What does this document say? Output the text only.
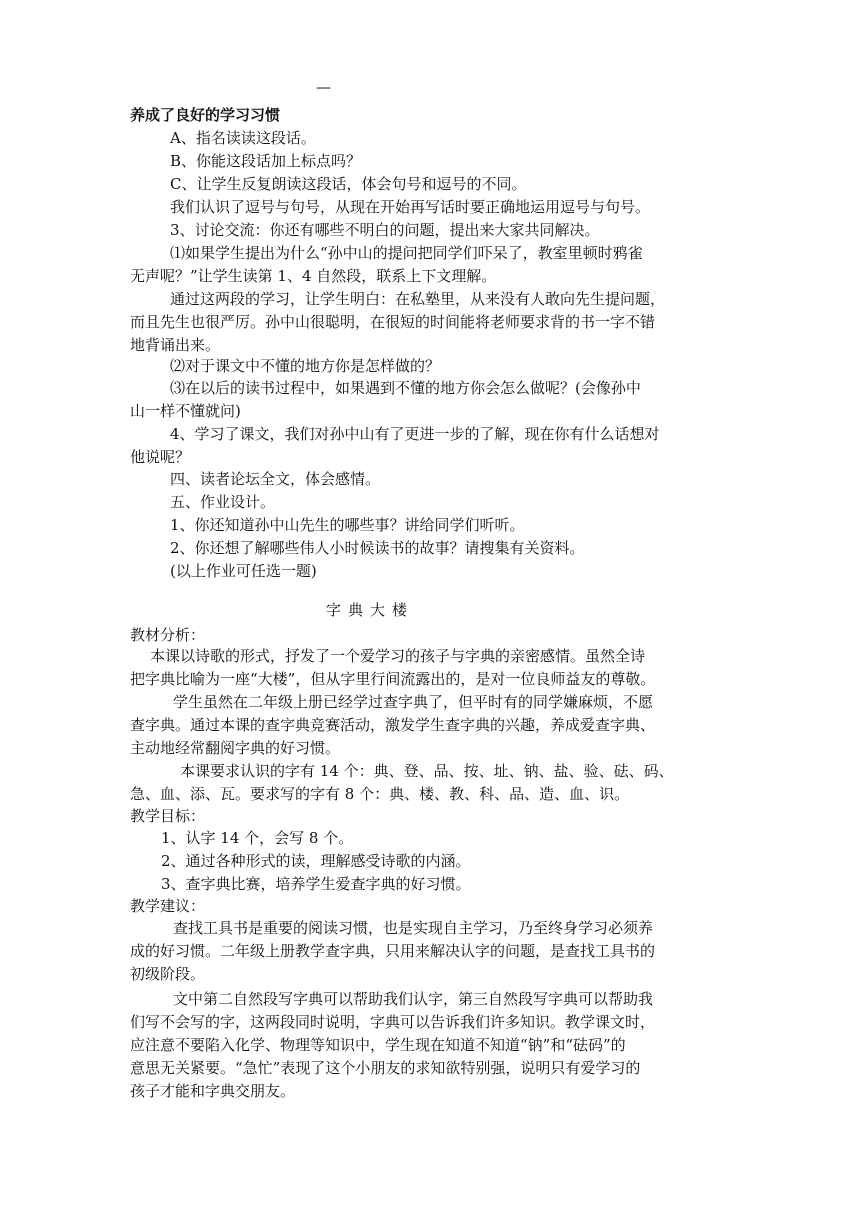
—
养成了良好的学习习惯
A、指名读读这段话。
B、你能这段话加上标点吗？
C、让学生反复朗读这段话，体会句号和逗号的不同。
我们认识了逗号与句号，从现在开始再写话时要正确地运用逗号与句号。
3、讨论交流：你还有哪些不明白的问题，提出来大家共同解决。
⑴如果学生提出为什么“孙中山的提问把同学们吓呆了，教室里顿时鸦雀
无声呢？”让学生读第 1、4 自然段，联系上下文理解。
通过这两段的学习，让学生明白：在私塾里，从来没有人敢向先生提问题，
而且先生也很严厉。孙中山很聪明，在很短的时间能将老师要求背的书一字不错
地背诵出来。
⑵对于课文中不懂的地方你是怎样做的？
⑶在以后的读书过程中，如果遇到不懂的地方你会怎么做呢？(会像孙中
山一样不懂就问)
4、学习了课文，我们对孙中山有了更进一步的了解，现在你有什么话想对
他说呢？
四、读者论坛全文，体会感情。
五、作业设计。
1、你还知道孙中山先生的哪些事？讲给同学们听听。
2、你还想了解哪些伟人小时候读书的故事？请搜集有关资料。
(以上作业可任选一题)
字典大楼
教材分析：
本课以诗歌的形式，抒发了一个爱学习的孩子与字典的亲密感情。虽然全诗
把字典比喻为一座“大楼”，但从字里行间流露出的，是对一位良师益友的尊敬。
学生虽然在二年级上册已经学过查字典了，但平时有的同学嫌麻烦，不愿
查字典。通过本课的查字典竞赛活动，激发学生查字典的兴趣，养成爱查字典、
主动地经常翻阅字典的好习惯。
本课要求认识的字有 14 个：典、登、品、按、址、钠、盐、验、砝、码、
急、血、添、瓦。要求写的字有 8 个：典、楼、教、科、品、造、血、识。
教学目标：
1、认字 14 个，会写 8 个。
2、通过各种形式的读，理解感受诗歌的内涵。
3、查字典比赛，培养学生爱查字典的好习惯。
教学建议：
查找工具书是重要的阅读习惯，也是实现自主学习，乃至终身学习必须养
成的好习惯。二年级上册教学查字典，只用来解决认字的问题，是查找工具书的
初级阶段。
文中第二自然段写字典可以帮助我们认字，第三自然段写字典可以帮助我
们写不会写的字，这两段同时说明，字典可以告诉我们许多知识。教学课文时，
应注意不要陷入化学、物理等知识中，学生现在知道不知道“钠”和“砝码”的
意思无关紧要。“急忙”表现了这个小朋友的求知欲特别强，说明只有爱学习的
孩子才能和字典交朋友。
